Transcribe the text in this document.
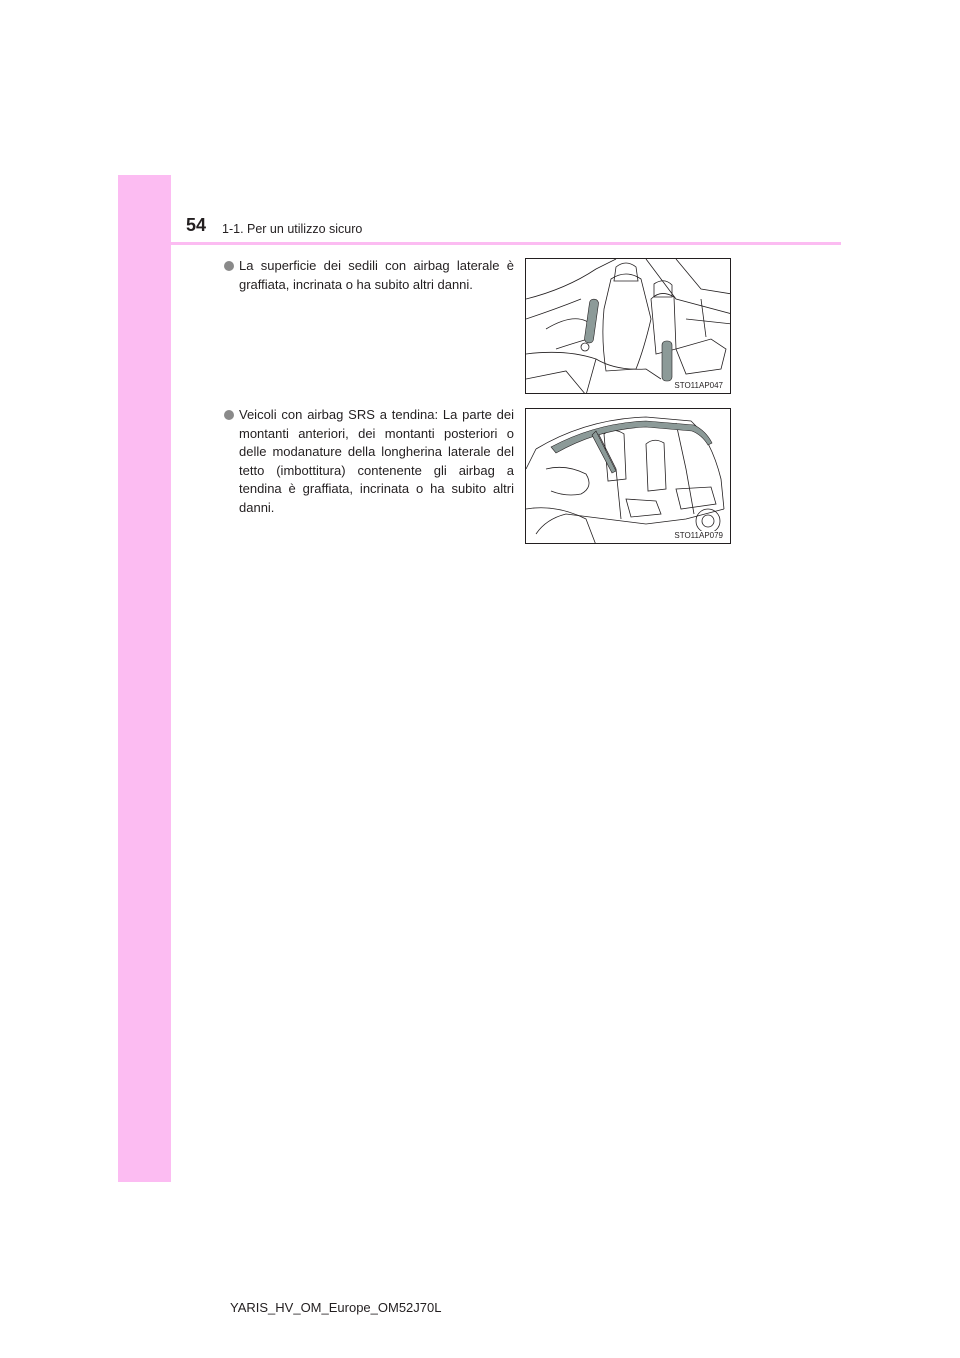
54 1-1. Per un utilizzo sicuro
La superficie dei sedili con airbag laterale è graffiata, incrinata o ha subito altri danni.
STO11AP047
Veicoli con airbag SRS a tendina: La parte dei montanti anteriori, dei montanti posteriori o delle modanature della longherina laterale del tetto (imbottitura) contenente gli airbag a tendina è graffiata, incrinata o ha subito altri danni.
STO11AP079
YARIS_HV_OM_Europe_OM52J70L
